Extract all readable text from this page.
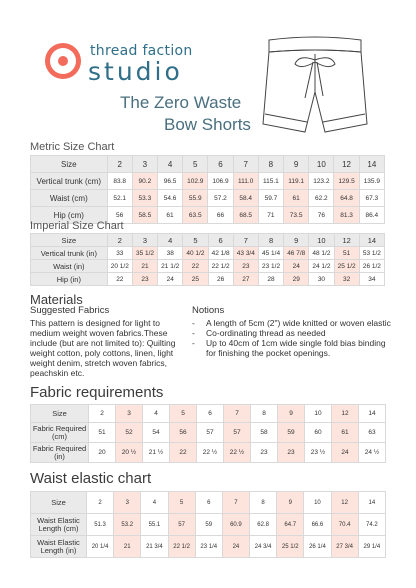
thread faction
studio
The Zero Waste
Bow Shorts
Metric Size Chart
Size	2	3	4	5	6	7	8	9	10	12	14
Vertical trunk (cm)	83.8	90.2	96.5	102.9	106.9	111.0	115.1	119.1	123.2	129.5	135.9
Waist (cm)	52.1	53.3	54.6	55.9	57.2	58.4	59.7	61	62.2	64.8	67.3
Hip (cm)	56	58.5	61	63.5	66	68.5	71	73.5	76	81.3	86.4
Imperial Size Chart
Size	2	3	4	5	6	7	8	9	10	12	14
Vertical trunk (in)	33	35 1/2	38	40 1/2	42 1/8	43 3/4	45 1/4	46 7/8	48 1/2	51	53 1/2
Waist (in)	20 1/2	21	21 1/2	22	22 1/2	23	23 1/2	24	24 1/2	25 1/2	26 1/2
Hip (in)	22	23	24	25	26	27	28	29	30	32	34
Materials
Suggested Fabrics
This pattern is designed for light to medium weight woven fabrics.These include (but are not limited to): Quilting weight cotton, poly cottons, linen, light weight denim, stretch woven fabrics, peachskin etc.
Notions
- A length of 5cm (2") wide knitted or woven elastic
- Co-ordinating thread as needed
- Up to 40cm of 1cm wide single fold bias binding for finishing the pocket openings.
Fabric requirements
Size	2	3	4	5	6	7	8	9	10	12	14
Fabric Required (cm)	51	52	54	56	57	57	58	59	60	61	63
Fabric Required (in)	20	20 ½	21 ½	22	22 ½	22 ½	23	23	23 ½	24	24 ½
Waist elastic chart
Size	2	3	4	5	6	7	8	9	10	12	14
Waist Elastic Length (cm)	51.3	53.2	55.1	57	59	60.9	62.8	64.7	66.6	70.4	74.2
Waist Elastic Length (in)	20 1/4	21	21 3/4	22 1/2	23 1/4	24	24 3/4	25 1/2	26 1/4	27 3/4	29 1/4
